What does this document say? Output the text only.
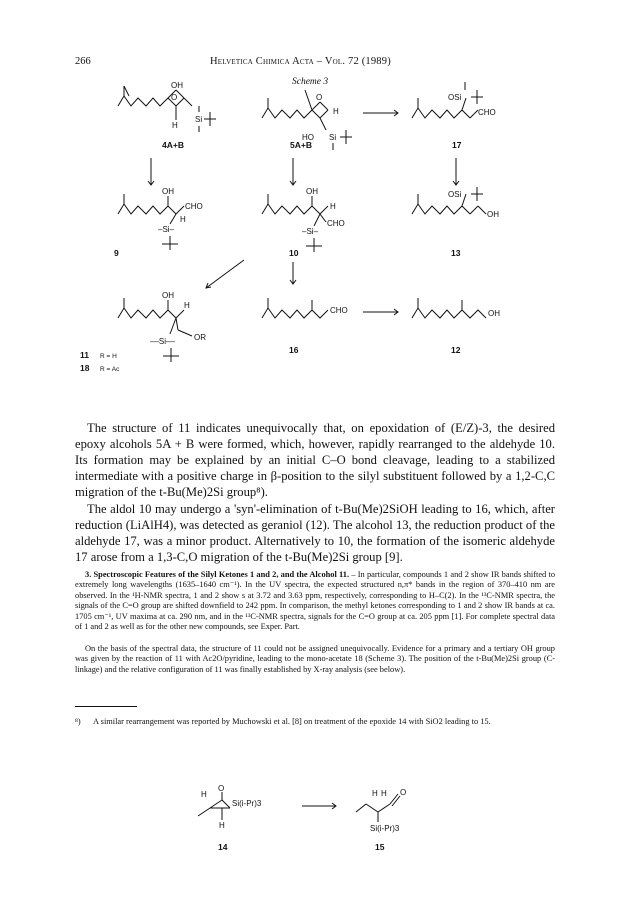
266	Helvetica Chimica Acta – Vol. 72 (1989)
Scheme 3
H
OH
O
Si
4A+B
O
H
HO Si
5A+B
CHO
OSi
17
OH
CHO
H
–Si–
9
OH
H
CHO
–Si–
10
OSi
OH
13
OH
H
OR
––Si––
11 R = H
18 R = Ac
CHO
16
OH
12
H
O
H
Si(i-Pr)3
14
H H O
Si(i-Pr)3
15

The structure of 11 indicates unequivocally that, on epoxidation of (E/Z)-3, the desired epoxy alcohols 5A + B were formed, which, however, rapidly rearranged to the aldehyde 10. Its formation may be explained by an initial C–O bond cleavage, leading to a stabilized intermediate with a positive charge in β-position to the silyl substituent followed by a 1,2-C,C migration of the t-Bu(Me)2Si group⁸).

The aldol 10 may undergo a 'syn'-elimination of t-Bu(Me)2SiOH leading to 16, which, after reduction (LiAlH4), was detected as geraniol (12). The alcohol 13, the reduction product of the aldehyde 17, was a minor product. Alternatively to 10, the formation of the isomeric aldehyde 17 arose from a 1,3-C,O migration of the t-Bu(Me)2Si group [9].

3. Spectroscopic Features of the Silyl Ketones 1 and 2, and the Alcohol 11. – In particular, compounds 1 and 2 show IR bands shifted to extremely long wavelengths (1635–1640 cm⁻¹). In the UV spectra, the expected structured n,π* bands in the region of 370–410 nm are observed. In the ¹H-NMR spectra, 1 and 2 show s at 3.72 and 3.63 ppm, respectively, corresponding to H–C(2). In the ¹³C-NMR spectra, the signals of the C=O group are shifted downfield to 242 ppm. In comparison, the methyl ketones corresponding to 1 and 2 show IR bands at ca. 1705 cm⁻¹, UV maxima at ca. 290 nm, and in the ¹³C-NMR spectra, signals for the C=O group at ca. 205 ppm [1]. For complete spectral data of 1 and 2 as well as for the other new compounds, see Exper. Part.
On the basis of the spectral data, the structure of 11 could not be assigned unequivocally. Evidence for a primary and a tertiary OH group was given by the reaction of 11 with Ac2O/pyridine, leading to the mono-acetate 18 (Scheme 3). The position of the t-Bu(Me)2Si group (C-linkage) and the relative configuration of 11 was finally established by X-ray analysis (see below).
⁸) A similar rearrangement was reported by Muchowski et al. [8] on treatment of the epoxide 14 with SiO2 leading to 15.
